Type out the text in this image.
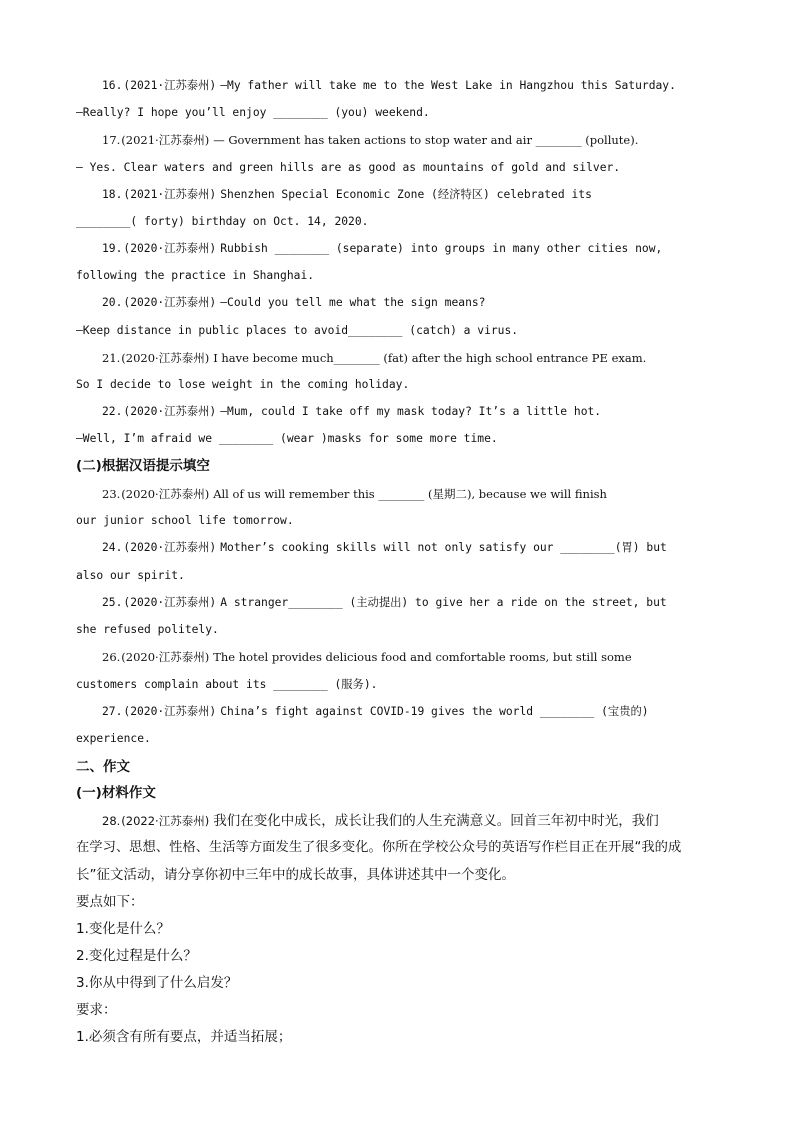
16.(2021·江苏泰州) —My father will take me to the West Lake in Hangzhou this Saturday.
—Really? I hope you’ll enjoy ________ (you) weekend.
17.(2021·江苏泰州) — Government has taken actions to stop water and air ________ (pollute).
— Yes. Clear waters and green hills are as good as mountains of gold and silver.
18.(2021·江苏泰州) Shenzhen Special Economic Zone (经济特区) celebrated its
________( forty) birthday on Oct. 14, 2020.
19.(2020·江苏泰州) Rubbish ________ (separate) into groups in many other cities now,
following the practice in Shanghai.
20.(2020·江苏泰州) —Could you tell me what the sign means?
—Keep distance in public places to avoid________ (catch) a virus.
21.(2020·江苏泰州) I have become much________ (fat) after the high school entrance PE exam.
So I decide to lose weight in the coming holiday.
22.(2020·江苏泰州) —Mum, could I take off my mask today? It’s a little hot.
—Well, I’m afraid we ________ (wear )masks for some more time.
(二)根据汉语提示填空
23.(2020·江苏泰州) All of us will remember this ________ (星期二), because we will finish
our junior school life tomorrow.
24.(2020·江苏泰州) Mother’s cooking skills will not only satisfy our ________(胃) but
also our spirit.
25.(2020·江苏泰州) A stranger________ (主动提出) to give her a ride on the street, but
she refused politely.
26.(2020·江苏泰州) The hotel provides delicious food and comfortable rooms, but still some
customers complain about its ________ (服务).
27.(2020·江苏泰州) China’s fight against COVID-19 gives the world ________ (宝贵的)
experience.
二、作文
(一)材料作文
28.(2022·江苏泰州) 我们在变化中成长，成长让我们的人生充满意义。回首三年初中时光，我们
在学习、思想、性格、生活等方面发生了很多变化。你所在学校公众号的英语写作栏目正在开展“我的成
长”征文活动，请分享你初中三年中的成长故事，具体讲述其中一个变化。
要点如下：
1.变化是什么？
2.变化过程是什么？
3.你从中得到了什么启发？
要求：
1.必须含有所有要点，并适当拓展；
